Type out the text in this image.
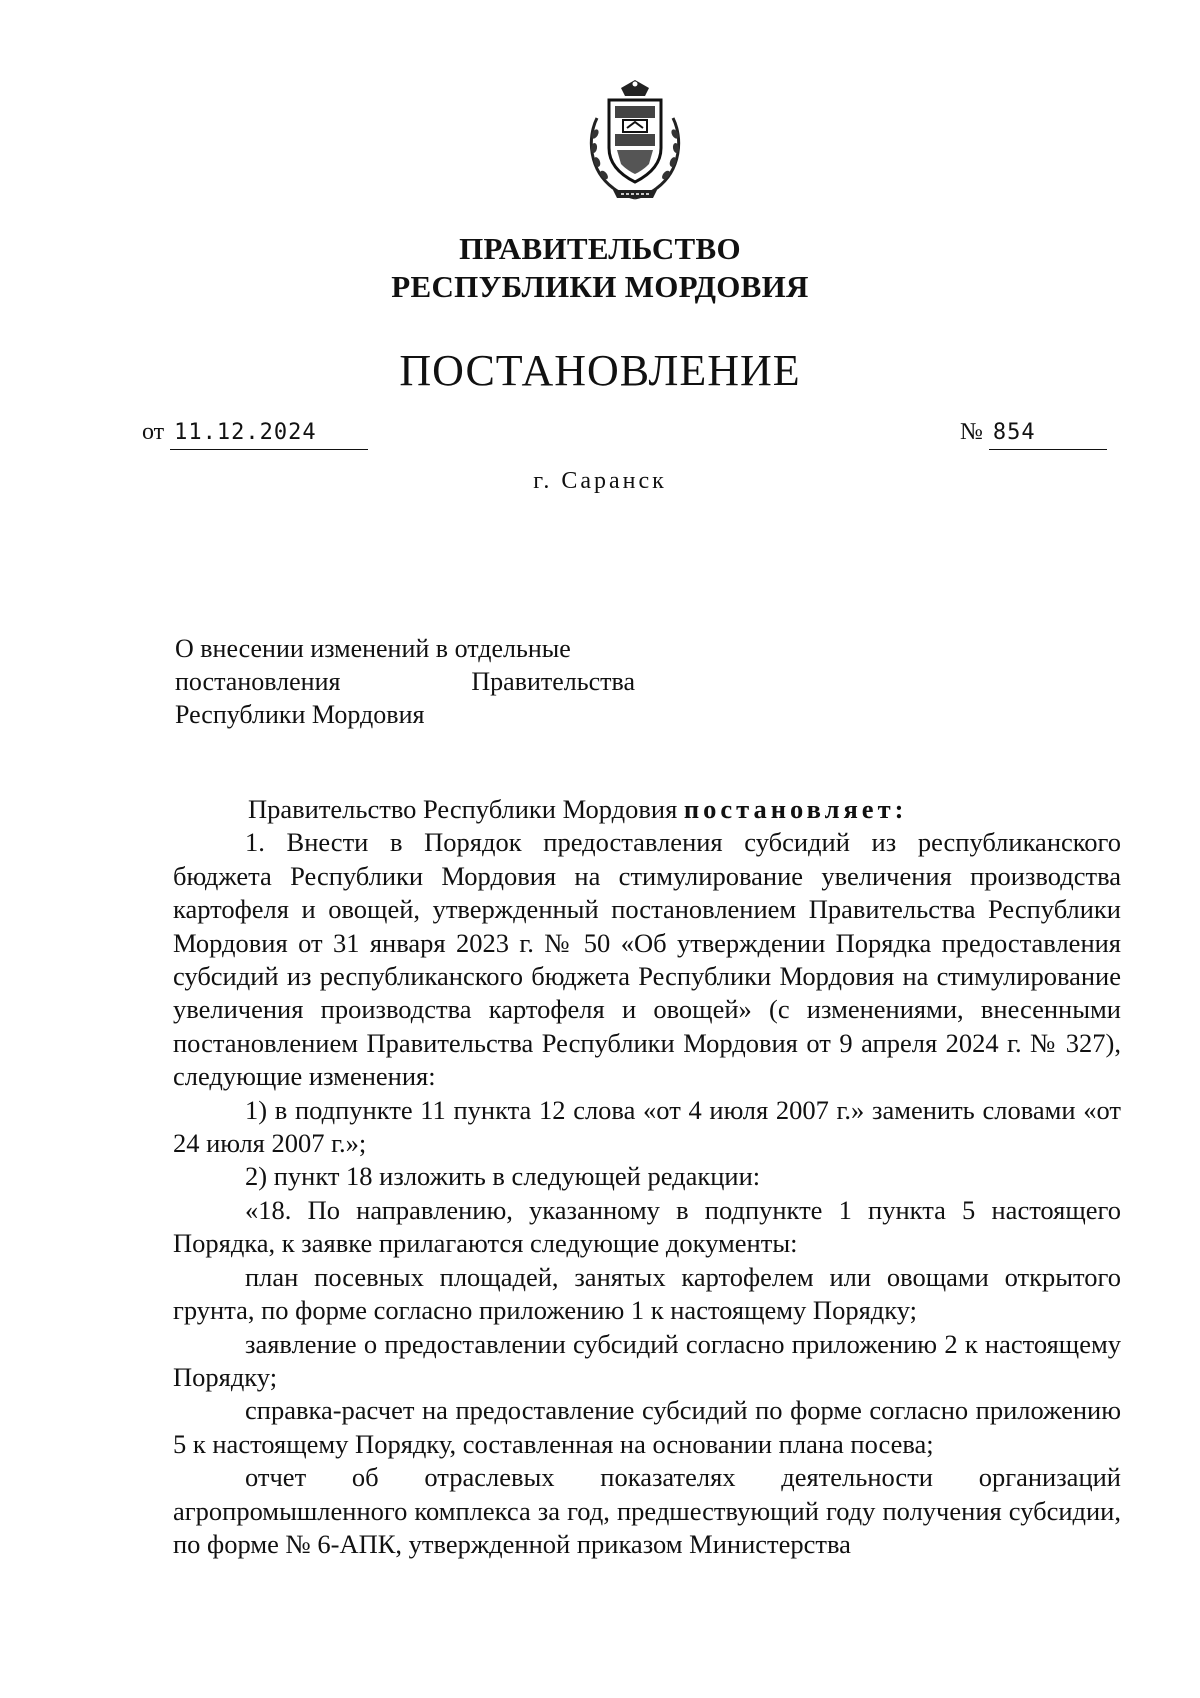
ПРАВИТЕЛЬСТВО
РЕСПУБЛИКИ МОРДОВИЯ
ПОСТАНОВЛЕНИЕ
от 11.12.2024	№ 854
г. Саранск
О внесении изменений в отдельные
постановления	Правительства
Республики Мордовия

Правительство Республики Мордовия постановляет:

1. Внести в Порядок предоставления субсидий из республиканского бюджета Республики Мордовия на стимулирование увеличения производства картофеля и овощей, утвержденный постановлением Правительства Республики Мордовия от 31 января 2023 г. № 50 «Об утверждении Порядка предоставления субсидий из республиканского бюджета Республики Мордовия на стимулирование увеличения производства картофеля и овощей» (с изменениями, внесенными постановлением Правительства Республики Мордовия от 9 апреля 2024 г. № 327), следующие изменения:

1) в подпункте 11 пункта 12 слова «от 4 июля 2007 г.» заменить словами «от 24 июля 2007 г.»;

2) пункт 18 изложить в следующей редакции:

«18. По направлению, указанному в подпункте 1 пункта 5 настоящего Порядка, к заявке прилагаются следующие документы:

план посевных площадей, занятых картофелем или овощами открытого грунта, по форме согласно приложению 1 к настоящему Порядку;

заявление о предоставлении субсидий согласно приложению 2 к настоящему Порядку;

справка-расчет на предоставление субсидий по форме согласно приложению 5 к настоящему Порядку, составленная на основании плана посева;

отчет об отраслевых показателях деятельности организаций агропромышленного комплекса за год, предшествующий году получения субсидии, по форме № 6-АПК, утвержденной приказом Министерства
